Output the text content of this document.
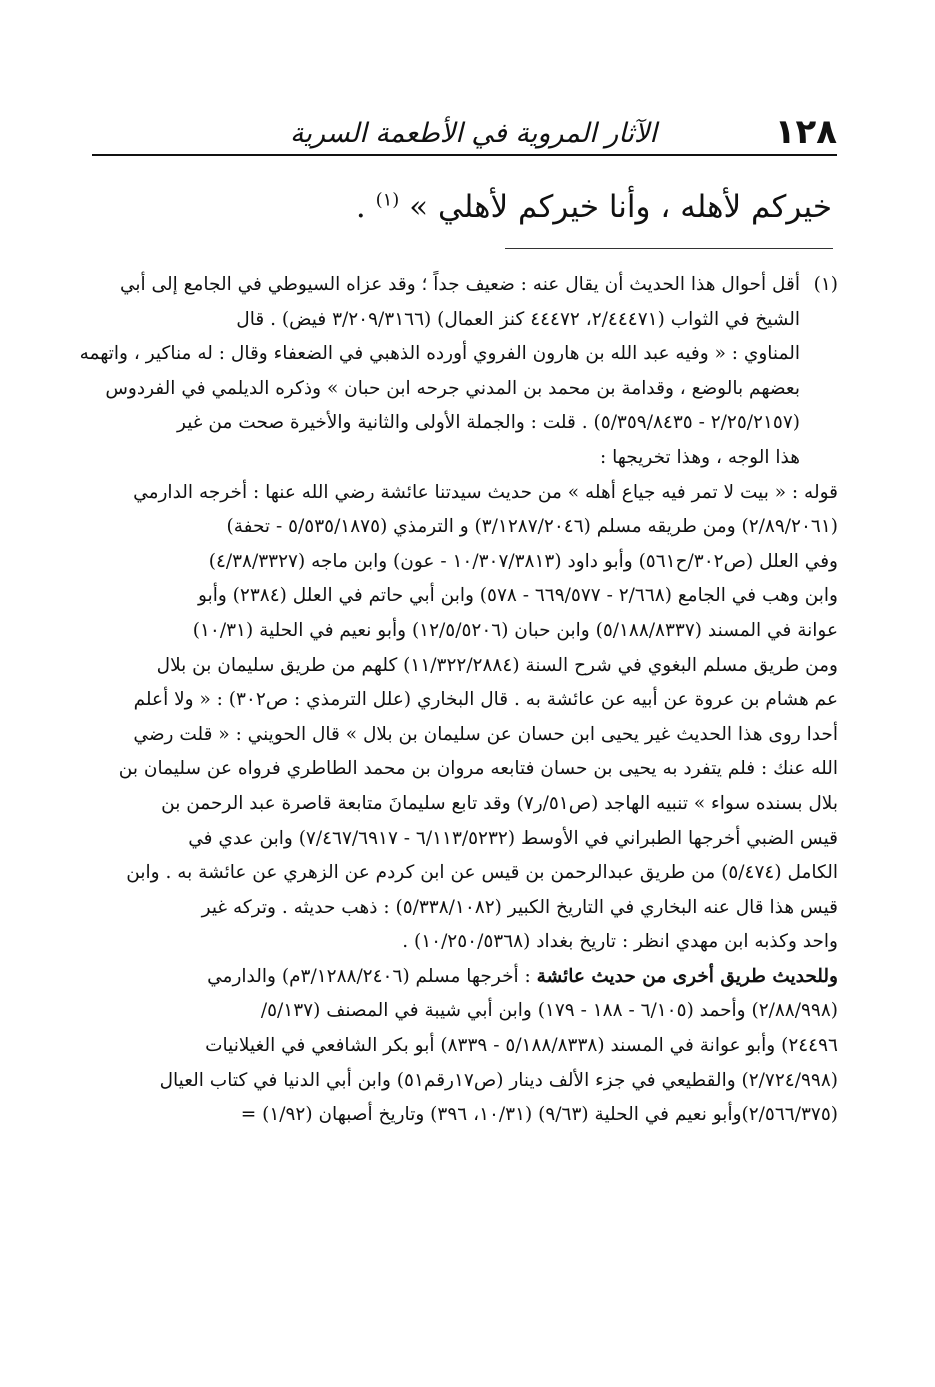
١٢٨
الآثار المروية في الأطعمة السرية
خيركم لأهله ، وأنا خيركم لأهلي » $^{(١)}$ .
(١)
أقل أحوال هذا الحديث أن يقال عنه : ضعيف جداً ؛ وقد عزاه السيوطي في الجامع إلى أبي
الشيخ في الثواب (٢/٤٤٤٧١، ٤٤٤٧٢ كنز العمال) (٣/٢٠٩/٣١٦٦ فيض) . قال
المناوي : « وفيه عبد الله بن هارون الفروي أورده الذهبي في الضعفاء وقال : له مناكير ، واتهمه
بعضهم بالوضع ، وقدامة بن محمد بن المدني جرحه ابن حبان » وذكره الديلمي في الفردوس
(٢/٢٥/٢١٥٧ - ٥/٣٥٩/٨٤٣٥) . قلت : والجملة الأولى والثانية والأخيرة صحت من غير
هذا الوجه ، وهذا تخريجها :
قوله : « بيت لا تمر فيه جياع أهله » من حديث سيدتنا عائشة رضي الله عنها : أخرجه الدارمي
(٢/٨٩/٢٠٦١) ومن طريقه مسلم (٣/١٢٨٧/٢٠٤٦) و الترمذي (٥/٥٣٥/١٨٧٥ - تحفة)
وفي العلل (ص٣٠٢/ح٥٦١) وأبو داود (١٠/٣٠٧/٣٨١٣ - عون) وابن ماجه (٤/٣٨/٣٣٢٧)
وابن وهب في الجامع (٢/٦٦٨ - ٦٦٩/٥٧٧ - ٥٧٨) وابن أبي حاتم في العلل (٢٣٨٤) وأبو
عوانة في المسند (٥/١٨٨/٨٣٣٧) وابن حبان (١٢/٥/٥٢٠٦) وأبو نعيم في الحلية (١٠/٣١)
ومن طريق مسلم البغوي في شرح السنة (١١/٣٢٢/٢٨٨٤) كلهم من طريق سليمان بن بلال
عم هشام بن عروة عن أبيه عن عائشة به . قال البخاري (علل الترمذي : ص٣٠٢) : « ولا أعلم
أحدا روى هذا الحديث غير يحيى ابن حسان عن سليمان بن بلال » قال الحويني : « قلت رضي
الله عنك : فلم يتفرد به يحيى بن حسان فتابعه مروان بن محمد الطاطري فرواه عن سليمان بن
بلال بسنده سواء » تنبيه الهاجد (ص٥١/ر٧) وقد تابع سليمانَ متابعة قاصرة عبد الرحمن بن
قيس الضبي أخرجها الطبراني في الأوسط (٦/١١٣/٥٢٣٢ - ٧/٤٦٧/٦٩١٧) وابن عدي في
الكامل (٥/٤٧٤) من طريق عبدالرحمن بن قيس عن ابن كردم عن الزهري عن عائشة به . وابن
قيس هذا قال عنه البخاري في التاريخ الكبير (٥/٣٣٨/١٠٨٢) : ذهب حديثه . وتركه غير
واحد وكذبه ابن مهدي انظر : تاريخ بغداد (١٠/٢٥٠/٥٣٦٨) .
وللحديث طريق أخرى من حديث عائشة : أخرجها مسلم (٣/١٢٨٨/٢٤٠٦م) والدارمي
(٢/٨٨/٩٩٨) وأحمد (٦/١٠٥ - ١٨٨ - ١٧٩) وابن أبي شيبة في المصنف (٥/١٣٧/
٢٤٤٩٦) وأبو عوانة في المسند (٥/١٨٨/٨٣٣٨ - ٨٣٣٩) أبو بكر الشافعي في الغيلانيات
(٢/٧٢٤/٩٩٨) والقطيعي في جزء الألف دينار (ص١٧رقم٥١) وابن أبي الدنيا في كتاب العيال
(٢/٥٦٦/٣٧٥)وأبو نعيم في الحلية (٩/٦٣) (١٠/٣١، ٣٩٦) وتاريخ أصبهان (١/٩٢) =
